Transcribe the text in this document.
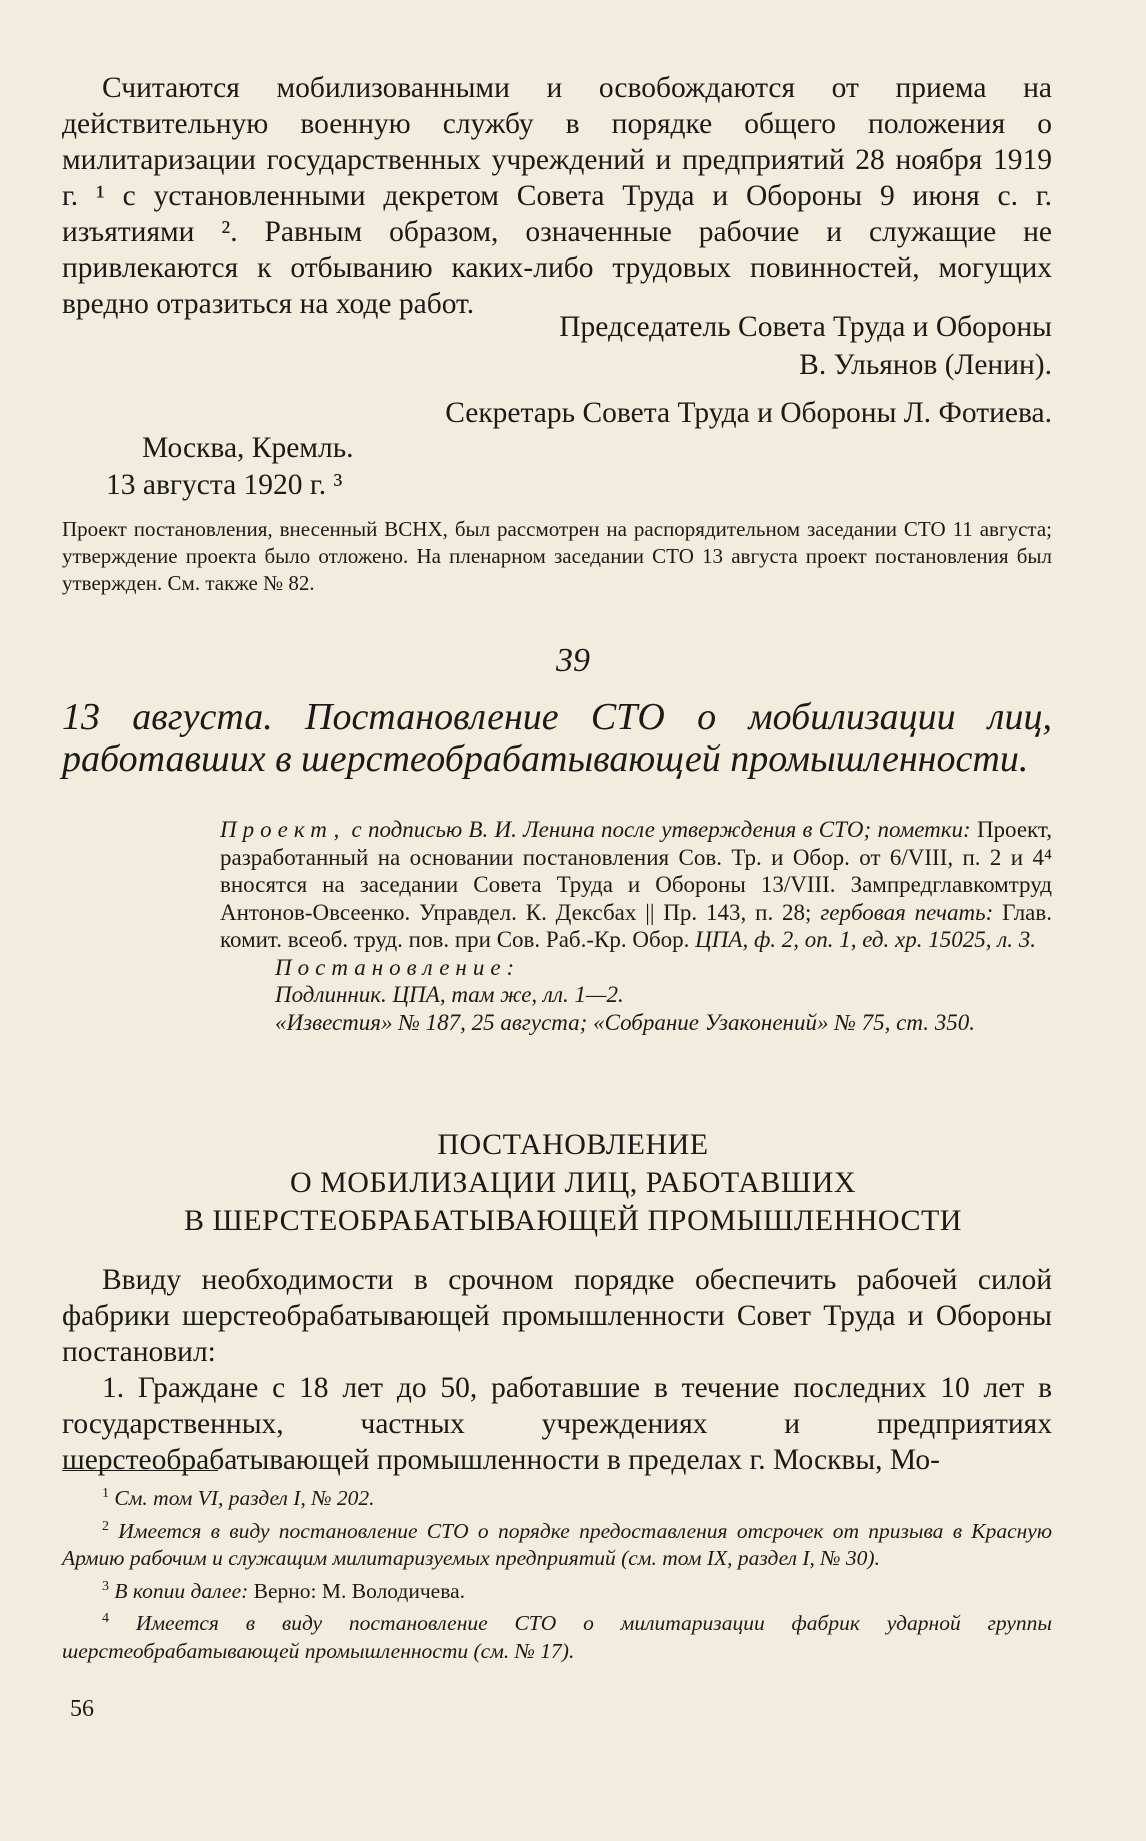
Считаются мобилизованными и освобождаются от приема на действительную военную службу в порядке общего положения о милитаризации государственных учреждений и предприятий 28 ноября 1919 г. ¹ с установленными декретом Совета Труда и Обороны 9 июня с. г. изъятиями ². Равным образом, означенные рабочие и служащие не привлекаются к отбыванию каких-либо трудовых повинностей, могущих вредно отразиться на ходе работ.

Председатель Совета Труда и Обороны
В. Ульянов (Ленин).
Секретарь Совета Труда и Обороны Л. Фотиева.
Москва, Кремль.
13 августа 1920 г. ³

Проект постановления, внесенный ВСНХ, был рассмотрен на распорядительном заседании СТО 11 августа; утверждение проекта было отложено. На пленарном заседании СТО 13 августа проект постановления был утвержден. См. также № 82.

39

13 августа. Постановление СТО о мобилизации лиц, работавших в шерстеобрабатывающей промышленности.

Проект, с подписью В. И. Ленина после утверждения в СТО; пометки: Проект, разработанный на основании постановления Сов. Тр. и Обор. от 6/VIII, п. 2 и 4⁴ вносятся на заседании Совета Труда и Обороны 13/VIII. Зампредглавкомтруд Антонов-Овсеенко. Управдел. К. Дексбах || Пр. 143, п. 28; гербовая печать: Глав. комит. всеоб. труд. пов. при Сов. Раб.-Кр. Обор. ЦПА, ф. 2, оп. 1, ед. хр. 15025, л. 3.

Постановление:

Подлинник. ЦПА, там же, лл. 1—2.

«Известия» № 187, 25 августа; «Собрание Узаконений» № 75, ст. 350.

ПОСТАНОВЛЕНИЕ
О МОБИЛИЗАЦИИ ЛИЦ, РАБОТАВШИХ
В ШЕРСТЕОБРАБАТЫВАЮЩЕЙ ПРОМЫШЛЕННОСТИ

Ввиду необходимости в срочном порядке обеспечить рабочей силой фабрики шерстеобрабатывающей промышленности Совет Труда и Обороны постановил:

1. Граждане с 18 лет до 50, работавшие в течение последних 10 лет в государственных, частных учреждениях и предприятиях шерстеобрабатывающей промышленности в пределах г. Москвы, Мо-

$^1$ См. том VI, раздел I, № 202.

$^2$ Имеется в виду постановление СТО о порядке предоставления отсрочек от призыва в Красную Армию рабочим и служащим милитаризуемых предприятий (см. том IX, раздел I, № 30).

$^3$ В копии далее: Верно: М. Володичева.

$^4$ Имеется в виду постановление СТО о милитаризации фабрик ударной группы шерстеобрабатывающей промышленности (см. № 17).

56
